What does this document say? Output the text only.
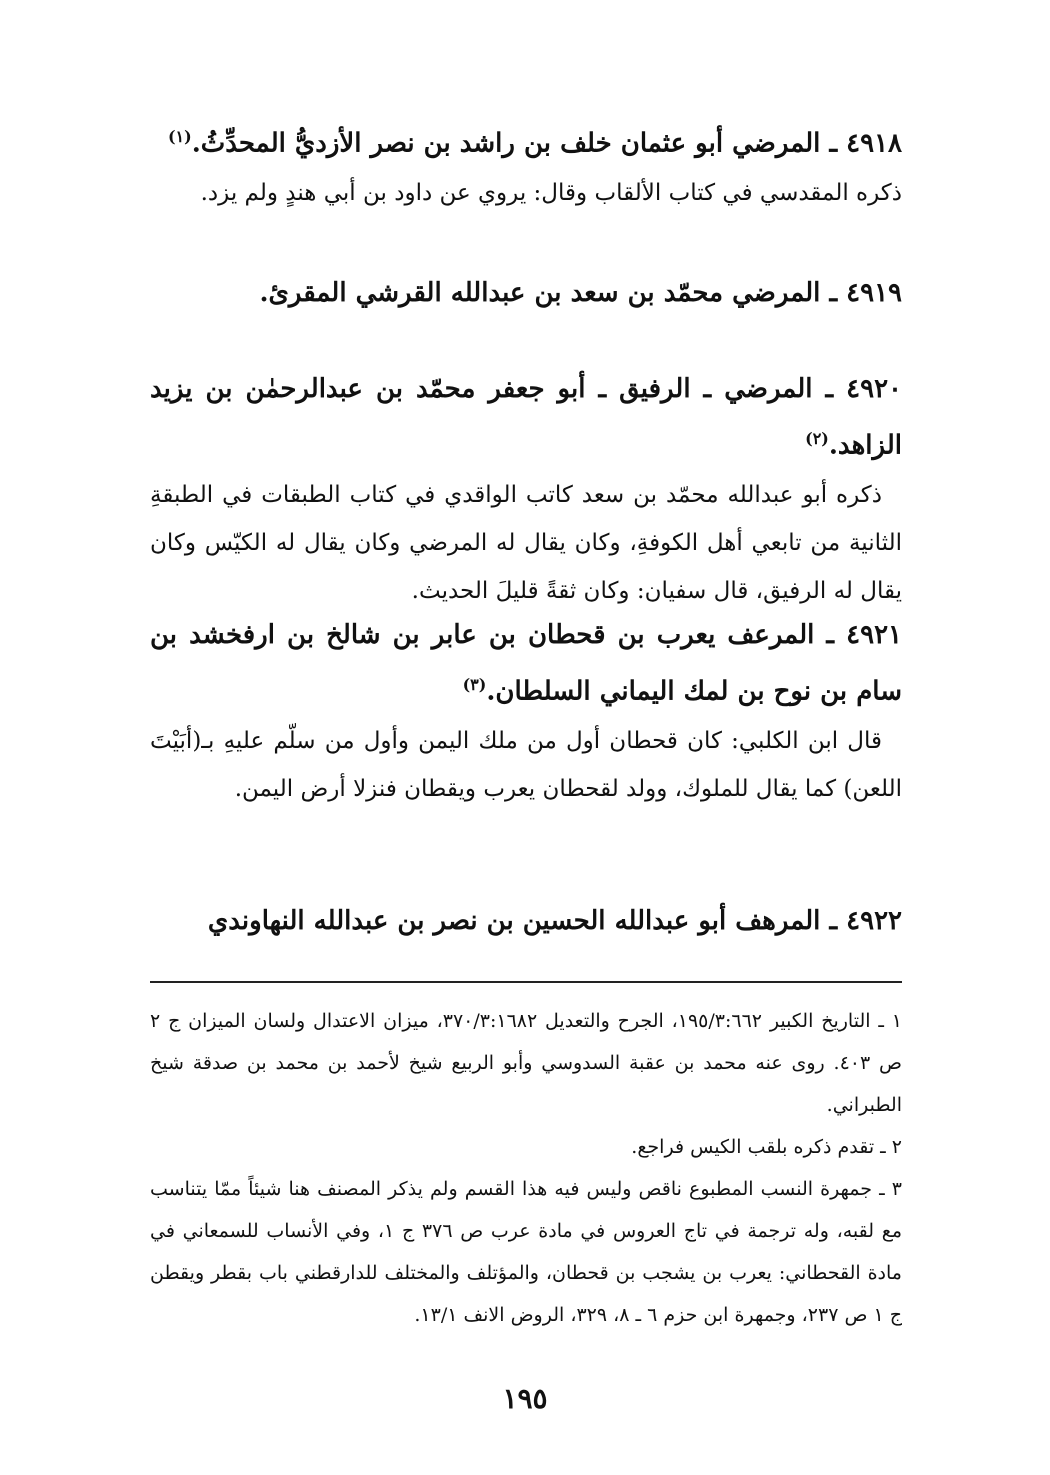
٤٩١٨ ـ المرضي أبو عثمان خلف بن راشد بن نصر الأزديُّ المحدِّثُ.$^{(١)}$

ذكره المقدسي في كتاب الألقاب وقال: يروي عن داود بن أبي هندٍ ولم يزد.

٤٩١٩ ـ المرضي محمّد بن سعد بن عبدالله القرشي المقرئ.

٤٩٢٠ ـ المرضي ـ الرفيق ـ أبو جعفر محمّد بن عبدالرحمٰن بن يزيد الزاهد.$^{(٢)}$

ذكره أبو عبدالله محمّد بن سعد كاتب الواقدي في كتاب الطبقات في الطبقةِ الثانية من تابعي أهل الكوفةِ، وكان يقال له المرضي وكان يقال له الكيّس وكان يقال له الرفيق، قال سفيان: وكان ثقةً قليلَ الحديث.

٤٩٢١ ـ المرعف يعرب بن قحطان بن عابر بن شالخ بن ارفخشد بن سام بن نوح بن لمك اليماني السلطان.$^{(٣)}$

قال ابن الكلبي: كان قحطان أول من ملك اليمن وأول من سلّم عليهِ بـ(أبَيْتَ اللعن) كما يقال للملوك، وولد لقحطان يعرب ويقطان فنزلا أرض اليمن.

٤٩٢٢ ـ المرهف أبو عبدالله الحسين بن نصر بن عبدالله النهاوندي

١ ـ التاريخ الكبير ١٩٥/٣:٦٦٢، الجرح والتعديل ٣٧٠/٣:١٦٨٢، ميزان الاعتدال ولسان الميزان ج ٢ ص ٤٠٣. روى عنه محمد بن عقبة السدوسي وأبو الربيع شيخ لأحمد بن محمد بن صدقة شيخ الطبراني.

٢ ـ تقدم ذكره بلقب الكيس فراجع.

٣ ـ جمهرة النسب المطبوع ناقص وليس فيه هذا القسم ولم يذكر المصنف هنا شيئاً ممّا يتناسب مع لقبه، وله ترجمة في تاج العروس في مادة عرب ص ٣٧٦ ج ١، وفي الأنساب للسمعاني في مادة القحطاني: يعرب بن يشجب بن قحطان، والمؤتلف والمختلف للدارقطني باب بقطر ويقطن ج ١ ص ٢٣٧، وجمهرة ابن حزم ٦ ـ ٨، ٣٢٩، الروض الانف ١٣/١.

١٩٥
